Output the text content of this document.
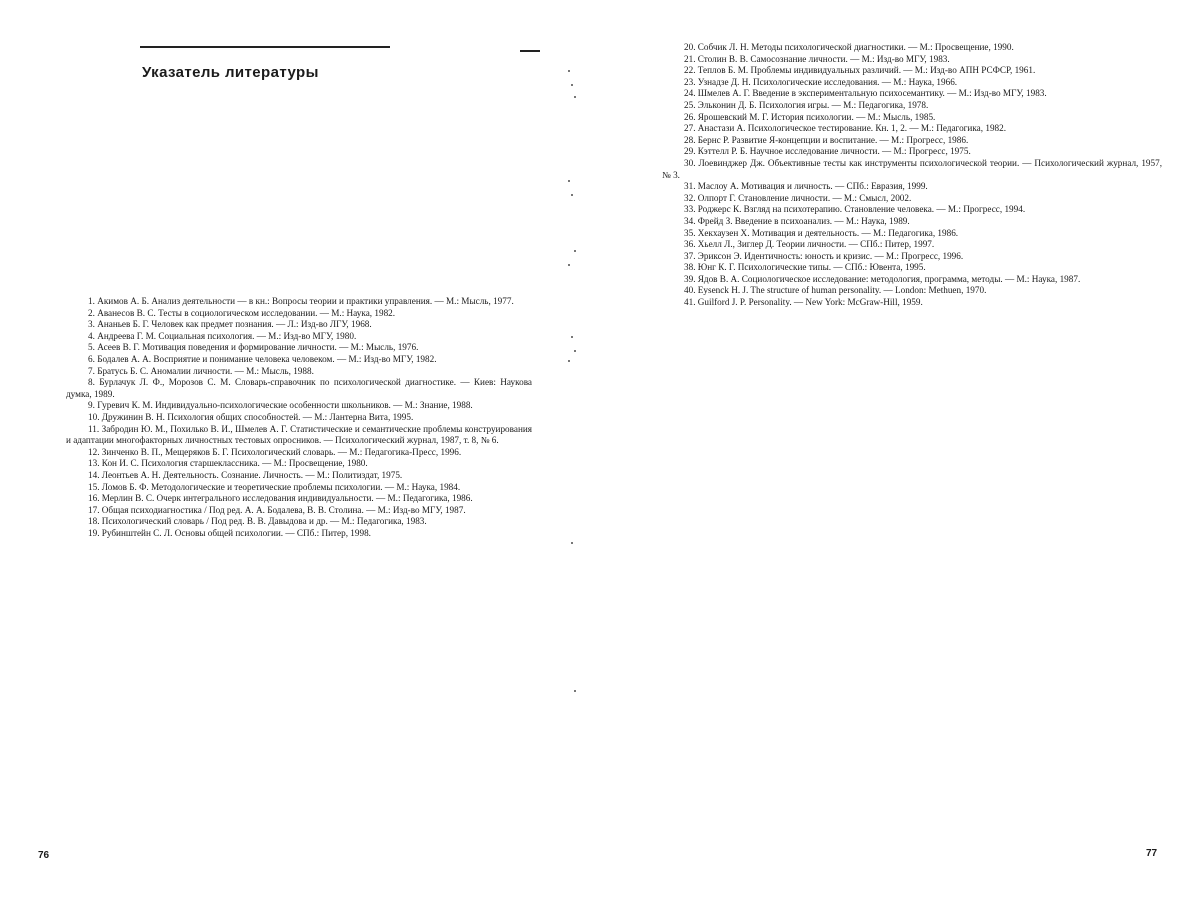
Указатель литературы
1. Акимов А. Б. Анализ деятельности — в кн.: Вопросы теории и практики управления. — М.: Мысль, 1977.
2. Аванесов В. С. Тесты в социологическом исследовании. — М.: Наука, 1982.
3. Ананьев Б. Г. Человек как предмет познания. — Л.: Изд-во ЛГУ, 1968.
4. Андреева Г. М. Социальная психология. — М.: Изд-во МГУ, 1980.
5. Асеев В. Г. Мотивация поведения и формирование личности. — М.: Мысль, 1976.
6. Бодалев А. А. Восприятие и понимание человека человеком. — М.: Изд-во МГУ, 1982.
7. Братусь Б. С. Аномалии личности. — М.: Мысль, 1988.
8. Бурлачук Л. Ф., Морозов С. М. Словарь-справочник по психологической диагностике. — Киев: Наукова думка, 1989.
9. Гуревич К. М. Индивидуально-психологические особенности школьников. — М.: Знание, 1988.
10. Дружинин В. Н. Психология общих способностей. — М.: Лантерна Вита, 1995.
11. Забродин Ю. М., Похилько В. И., Шмелев А. Г. Статистические и семантические проблемы конструирования и адаптации многофакторных личностных тестовых опросников. — Психологический журнал, 1987, т. 8, № 6.
12. Зинченко В. П., Мещеряков Б. Г. Психологический словарь. — М.: Педагогика-Пресс, 1996.
13. Кон И. С. Психология старшеклассника. — М.: Просвещение, 1980.
14. Леонтьев А. Н. Деятельность. Сознание. Личность. — М.: Политиздат, 1975.
15. Ломов Б. Ф. Методологические и теоретические проблемы психологии. — М.: Наука, 1984.
16. Мерлин В. С. Очерк интегрального исследования индивидуальности. — М.: Педагогика, 1986.
17. Общая психодиагностика / Под ред. А. А. Бодалева, В. В. Столина. — М.: Изд-во МГУ, 1987.
18. Психологический словарь / Под ред. В. В. Давыдова и др. — М.: Педагогика, 1983.
19. Рубинштейн С. Л. Основы общей психологии. — СПб.: Питер, 1998.
76
20. Собчик Л. Н. Методы психологической диагностики. — М.: Просвещение, 1990.
21. Столин В. В. Самосознание личности. — М.: Изд-во МГУ, 1983.
22. Теплов Б. М. Проблемы индивидуальных различий. — М.: Изд-во АПН РСФСР, 1961.
23. Узнадзе Д. Н. Психологические исследования. — М.: Наука, 1966.
24. Шмелев А. Г. Введение в экспериментальную психосемантику. — М.: Изд-во МГУ, 1983.
25. Эльконин Д. Б. Психология игры. — М.: Педагогика, 1978.
26. Ярошевский М. Г. История психологии. — М.: Мысль, 1985.
27. Анастази А. Психологическое тестирование. Кн. 1, 2. — М.: Педагогика, 1982.
28. Бернс Р. Развитие Я-концепции и воспитание. — М.: Прогресс, 1986.
29. Кэттелл Р. Б. Научное исследование личности. — М.: Прогресс, 1975.
30. Лоевинджер Дж. Объективные тесты как инструменты психологической теории. — Психологический журнал, 1957, № 3.
31. Маслоу А. Мотивация и личность. — СПб.: Евразия, 1999.
32. Олпорт Г. Становление личности. — М.: Смысл, 2002.
33. Роджерс К. Взгляд на психотерапию. Становление человека. — М.: Прогресс, 1994.
34. Фрейд З. Введение в психоанализ. — М.: Наука, 1989.
35. Хекхаузен Х. Мотивация и деятельность. — М.: Педагогика, 1986.
36. Хьелл Л., Зиглер Д. Теории личности. — СПб.: Питер, 1997.
37. Эриксон Э. Идентичность: юность и кризис. — М.: Прогресс, 1996.
38. Юнг К. Г. Психологические типы. — СПб.: Ювента, 1995.
39. Ядов В. А. Социологическое исследование: методология, программа, методы. — М.: Наука, 1987.
40. Eysenck H. J. The structure of human personality. — London: Methuen, 1970.
41. Guilford J. P. Personality. — New York: McGraw-Hill, 1959.
77
